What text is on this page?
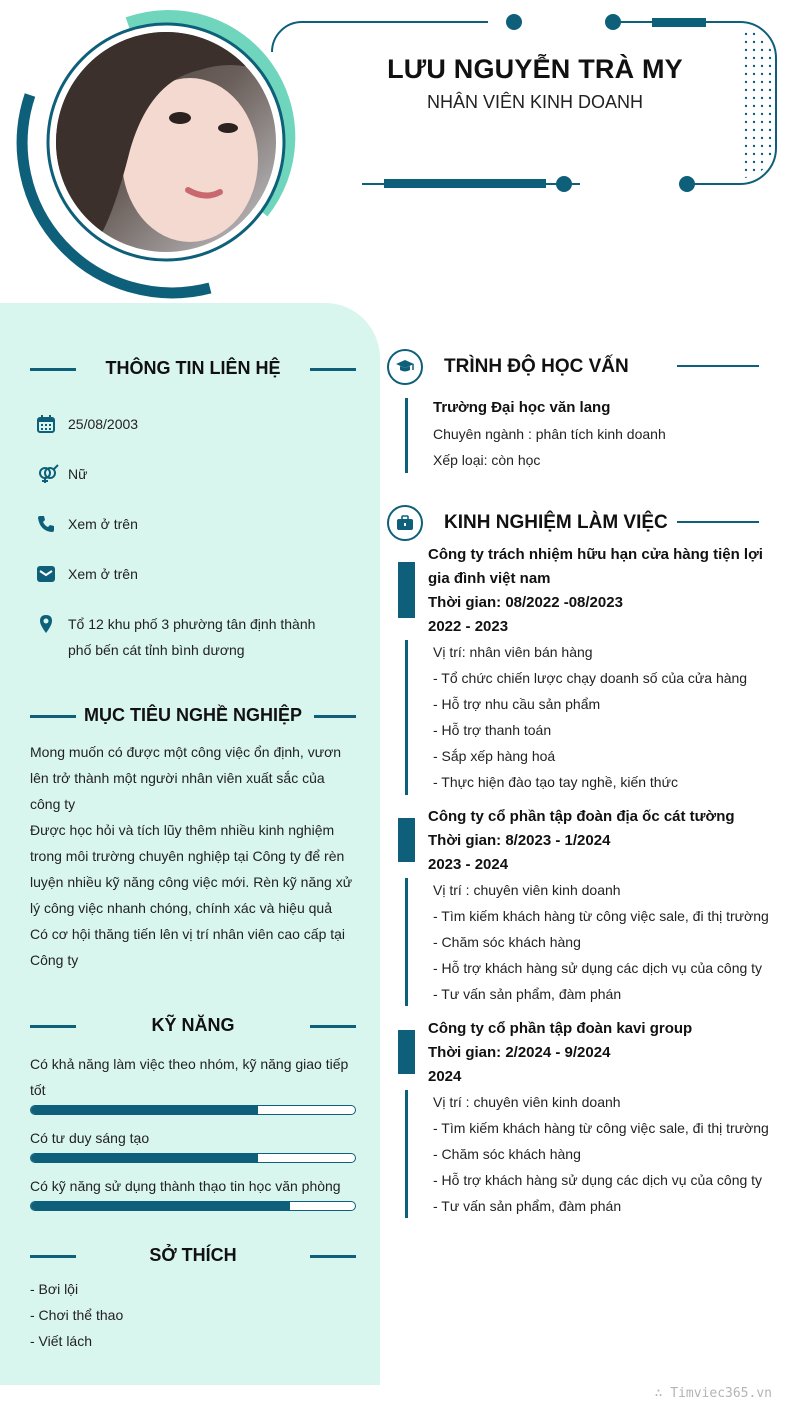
LƯU NGUYỄN TRÀ MY
NHÂN VIÊN KINH DOANH
THÔNG TIN LIÊN HỆ
25/08/2003
Nữ
Xem ở trên
Xem ở trên
Tổ 12 khu phố 3 phường tân định thành phố bến cát tỉnh bình dương
MỤC TIÊU NGHỀ NGHIỆP
Mong muốn có được một công việc ổn định, vươn lên trở thành một người nhân viên xuất sắc của công ty
Được học hỏi và tích lũy thêm nhiều kinh nghiệm trong môi trường chuyên nghiệp tại Công ty để rèn luyện nhiều kỹ năng công việc mới. Rèn kỹ năng xử lý công việc nhanh chóng, chính xác và hiệu quả
Có cơ hội thăng tiến lên vị trí nhân viên cao cấp tại Công ty
KỸ NĂNG
Có khả năng làm việc theo nhóm, kỹ năng giao tiếp tốt
Có tư duy sáng tạo
Có kỹ năng sử dụng thành thạo tin học văn phòng
SỞ THÍCH
- Bơi lội
- Chơi thể thao
- Viết lách
TRÌNH ĐỘ HỌC VẤN
Trường Đại học văn lang
Chuyên ngành : phân tích kinh doanh
Xếp loại: còn học
KINH NGHIỆM LÀM VIỆC
Công ty trách nhiệm hữu hạn cửa hàng tiện lợi
gia đình việt nam
Thời gian: 08/2022 -08/2023
2022 - 2023
Vị trí: nhân viên bán hàng
- Tổ chức chiến lược chạy doanh số của cửa hàng
- Hỗ trợ nhu cầu sản phẩm
- Hỗ trợ thanh toán
- Sắp xếp hàng hoá
- Thực hiện đào tạo tay nghề, kiến thức
Công ty cổ phần tập đoàn địa ốc cát tường
Thời gian: 8/2023 - 1/2024
2023 - 2024
Vị trí : chuyên viên kinh doanh
- Tìm kiếm khách hàng từ công việc sale, đi thị trường
- Chăm sóc khách hàng
- Hỗ trợ khách hàng sử dụng các dịch vụ của công ty
- Tư vấn sản phẩm, đàm phán
Công ty cổ phần tập đoàn kavi group
Thời gian: 2/2024 - 9/2024
2024
Vị trí : chuyên viên kinh doanh
- Tìm kiếm khách hàng từ công việc sale, đi thị trường
- Chăm sóc khách hàng
- Hỗ trợ khách hàng sử dụng các dịch vụ của công ty
- Tư vấn sản phẩm, đàm phán
∴ Timviec365.vn
